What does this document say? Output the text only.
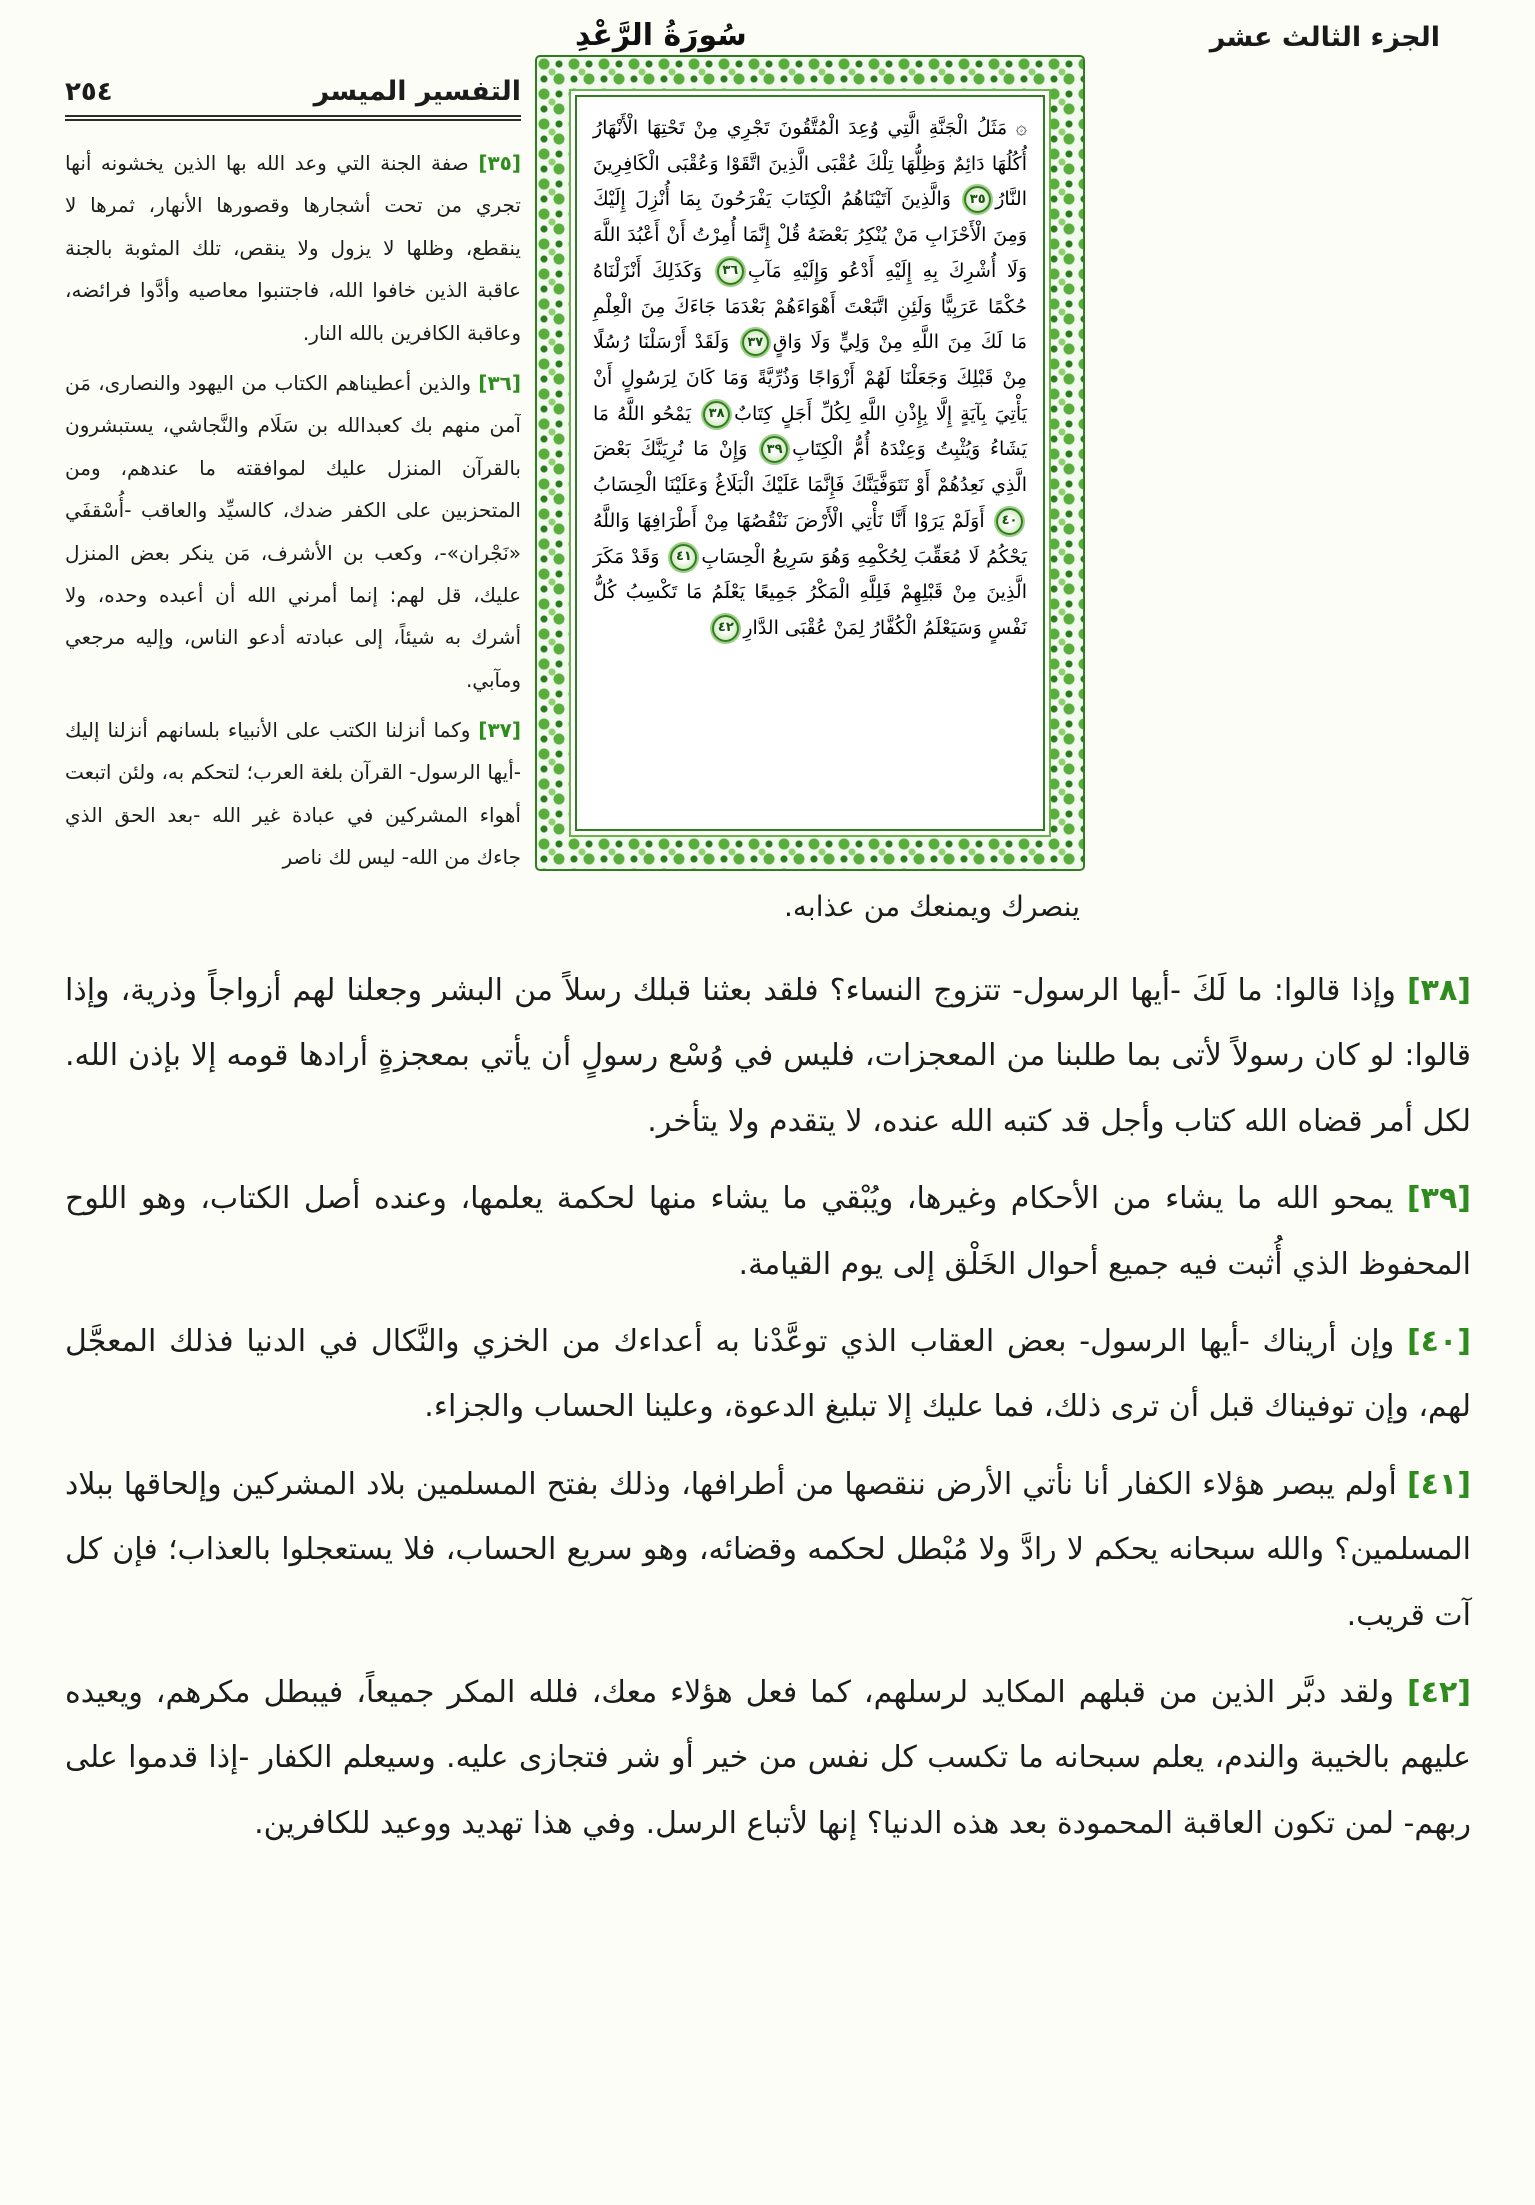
الجزء الثالث عشر
سُورَةُ الرَّعْدِ
التفسير الميسر
٢٥٤

۞ مَثَلُ الْجَنَّةِ الَّتِي وُعِدَ الْمُتَّقُونَ تَجْرِي مِنْ تَحْتِهَا الْأَنْهَارُ أُكُلُهَا دَائِمٌ وَظِلُّهَا تِلْكَ عُقْبَى الَّذِينَ اتَّقَوْا وَعُقْبَى الْكَافِرِينَ النَّارُ٣٥ وَالَّذِينَ آتَيْنَاهُمُ الْكِتَابَ يَفْرَحُونَ بِمَا أُنْزِلَ إِلَيْكَ وَمِنَ الْأَحْزَابِ مَنْ يُنْكِرُ بَعْضَهُ قُلْ إِنَّمَا أُمِرْتُ أَنْ أَعْبُدَ اللَّهَ وَلَا أُشْرِكَ بِهِ إِلَيْهِ أَدْعُو وَإِلَيْهِ مَآبِ٣٦ وَكَذَلِكَ أَنْزَلْنَاهُ حُكْمًا عَرَبِيًّا وَلَئِنِ اتَّبَعْتَ أَهْوَاءَهُمْ بَعْدَمَا جَاءَكَ مِنَ الْعِلْمِ مَا لَكَ مِنَ اللَّهِ مِنْ وَلِيٍّ وَلَا وَاقٍ٣٧ وَلَقَدْ أَرْسَلْنَا رُسُلًا مِنْ قَبْلِكَ وَجَعَلْنَا لَهُمْ أَزْوَاجًا وَذُرِّيَّةً وَمَا كَانَ لِرَسُولٍ أَنْ يَأْتِيَ بِآيَةٍ إِلَّا بِإِذْنِ اللَّهِ لِكُلِّ أَجَلٍ كِتَابٌ٣٨ يَمْحُو اللَّهُ مَا يَشَاءُ وَيُثْبِتُ وَعِنْدَهُ أُمُّ الْكِتَابِ٣٩ وَإِنْ مَا نُرِيَنَّكَ بَعْضَ الَّذِي نَعِدُهُمْ أَوْ نَتَوَفَّيَنَّكَ فَإِنَّمَا عَلَيْكَ الْبَلَاغُ وَعَلَيْنَا الْحِسَابُ٤٠ أَوَلَمْ يَرَوْا أَنَّا نَأْتِي الْأَرْضَ نَنْقُصُهَا مِنْ أَطْرَافِهَا وَاللَّهُ يَحْكُمُ لَا مُعَقِّبَ لِحُكْمِهِ وَهُوَ سَرِيعُ الْحِسَابِ٤١ وَقَدْ مَكَرَ الَّذِينَ مِنْ قَبْلِهِمْ فَلِلَّهِ الْمَكْرُ جَمِيعًا يَعْلَمُ مَا تَكْسِبُ كُلُّ نَفْسٍ وَسَيَعْلَمُ الْكُفَّارُ لِمَنْ عُقْبَى الدَّارِ٤٢

[٣٥] صفة الجنة التي وعد الله بها الذين يخشونه أنها تجري من تحت أشجارها وقصورها الأنهار، ثمرها لا ينقطع، وظلها لا يزول ولا ينقص، تلك المثوبة بالجنة عاقبة الذين خافوا الله، فاجتنبوا معاصيه وأدَّوا فرائضه، وعاقبة الكافرين بالله النار.

[٣٦] والذين أعطيناهم الكتاب من اليهود والنصارى، مَن آمن منهم بك كعبدالله بن سَلَام والنَّجاشي، يستبشرون بالقرآن المنزل عليك لموافقته ما عندهم، ومن المتحزبين على الكفر ضدك، كالسيِّد والعاقب -أُسْقفَي «نَجْران»-، وكعب بن الأشرف، مَن ينكر بعض المنزل عليك، قل لهم: إنما أمرني الله أن أعبده وحده، ولا أشرك به شيئاً، إلى عبادته أدعو الناس، وإليه مرجعي ومآبي.

[٣٧] وكما أنزلنا الكتب على الأنبياء بلسانهم أنزلنا إليك -أيها الرسول- القرآن بلغة العرب؛ لتحكم به، ولئن اتبعت أهواء المشركين في عبادة غير الله -بعد الحق الذي جاءك من الله- ليس لك ناصر

ينصرك ويمنعك من عذابه.

[٣٨] وإذا قالوا: ما لَكَ -أيها الرسول- تتزوج النساء؟ فلقد بعثنا قبلك رسلاً من البشر وجعلنا لهم أزواجاً وذرية، وإذا قالوا: لو كان رسولاً لأتى بما طلبنا من المعجزات، فليس في وُسْع رسولٍ أن يأتي بمعجزةٍ أرادها قومه إلا بإذن الله. لكل أمر قضاه الله كتاب وأجل قد كتبه الله عنده، لا يتقدم ولا يتأخر.

[٣٩] يمحو الله ما يشاء من الأحكام وغيرها، ويُبْقي ما يشاء منها لحكمة يعلمها، وعنده أصل الكتاب، وهو اللوح المحفوظ الذي أُثبت فيه جميع أحوال الخَلْق إلى يوم القيامة.

[٤٠] وإن أريناك -أيها الرسول- بعض العقاب الذي توعَّدْنا به أعداءك من الخزي والنَّكال في الدنيا فذلك المعجَّل لهم، وإن توفيناك قبل أن ترى ذلك، فما عليك إلا تبليغ الدعوة، وعلينا الحساب والجزاء.

[٤١] أولم يبصر هؤلاء الكفار أنا نأتي الأرض ننقصها من أطرافها، وذلك بفتح المسلمين بلاد المشركين وإلحاقها ببلاد المسلمين؟ والله سبحانه يحكم لا رادَّ ولا مُبْطل لحكمه وقضائه، وهو سريع الحساب، فلا يستعجلوا بالعذاب؛ فإن كل آت قريب.

[٤٢] ولقد دبَّر الذين من قبلهم المكايد لرسلهم، كما فعل هؤلاء معك، فلله المكر جميعاً، فيبطل مكرهم، ويعيده عليهم بالخيبة والندم، يعلم سبحانه ما تكسب كل نفس من خير أو شر فتجازى عليه. وسيعلم الكفار -إذا قدموا على ربهم- لمن تكون العاقبة المحمودة بعد هذه الدنيا؟ إنها لأتباع الرسل. وفي هذا تهديد ووعيد للكافرين.
